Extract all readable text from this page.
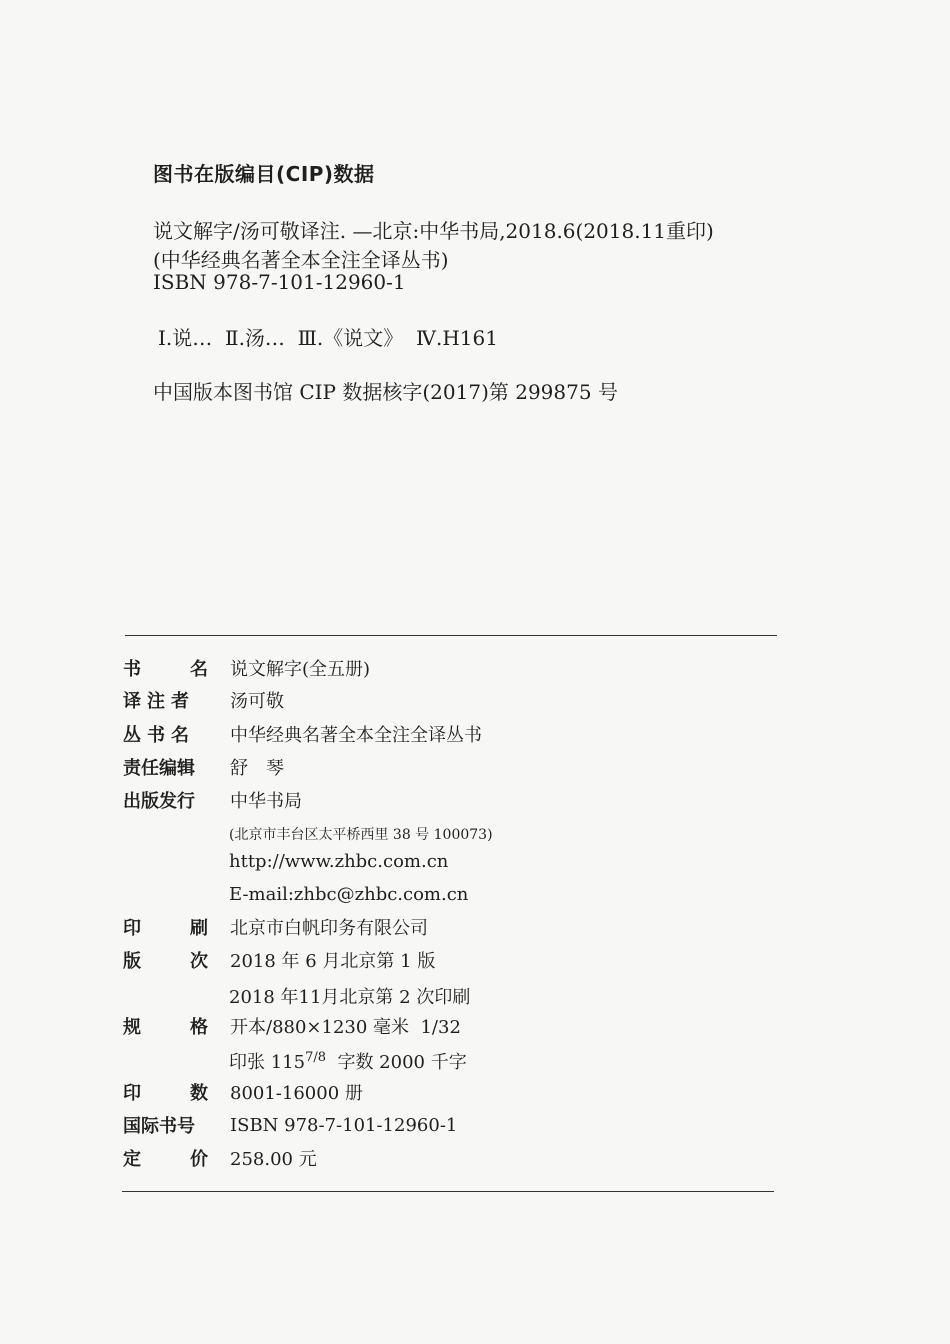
图书在版编目(CIP)数据
说文解字/汤可敬译注. —北京:中华书局,2018.6(2018.11重印)
(中华经典名著全本全注全译丛书)
ISBN 978-7-101-12960-1
Ⅰ.说…  Ⅱ.汤…  Ⅲ.《说文》  Ⅳ.H161
中国版本图书馆 CIP 数据核字(2017)第 299875 号
书	名 说文解字(全五册)
译注者	汤可敬
丛书名	中华经典名著全本全注全译丛书
责任编辑	舒　琴
出版发行	中华书局
(北京市丰台区太平桥西里 38 号 100073)
http://www.zhbc.com.cn
E-mail:zhbc@zhbc.com.cn
印	刷 北京市白帆印务有限公司
版	次 2018 年 6 月北京第 1 版
2018 年11月北京第 2 次印刷
规	格 开本/880×1230 毫米  1/32
印张 $115^{7/8}$  字数 2000 千字
印	数 8001-16000 册
国际书号	ISBN 978-7-101-12960-1
定	价 258.00 元
